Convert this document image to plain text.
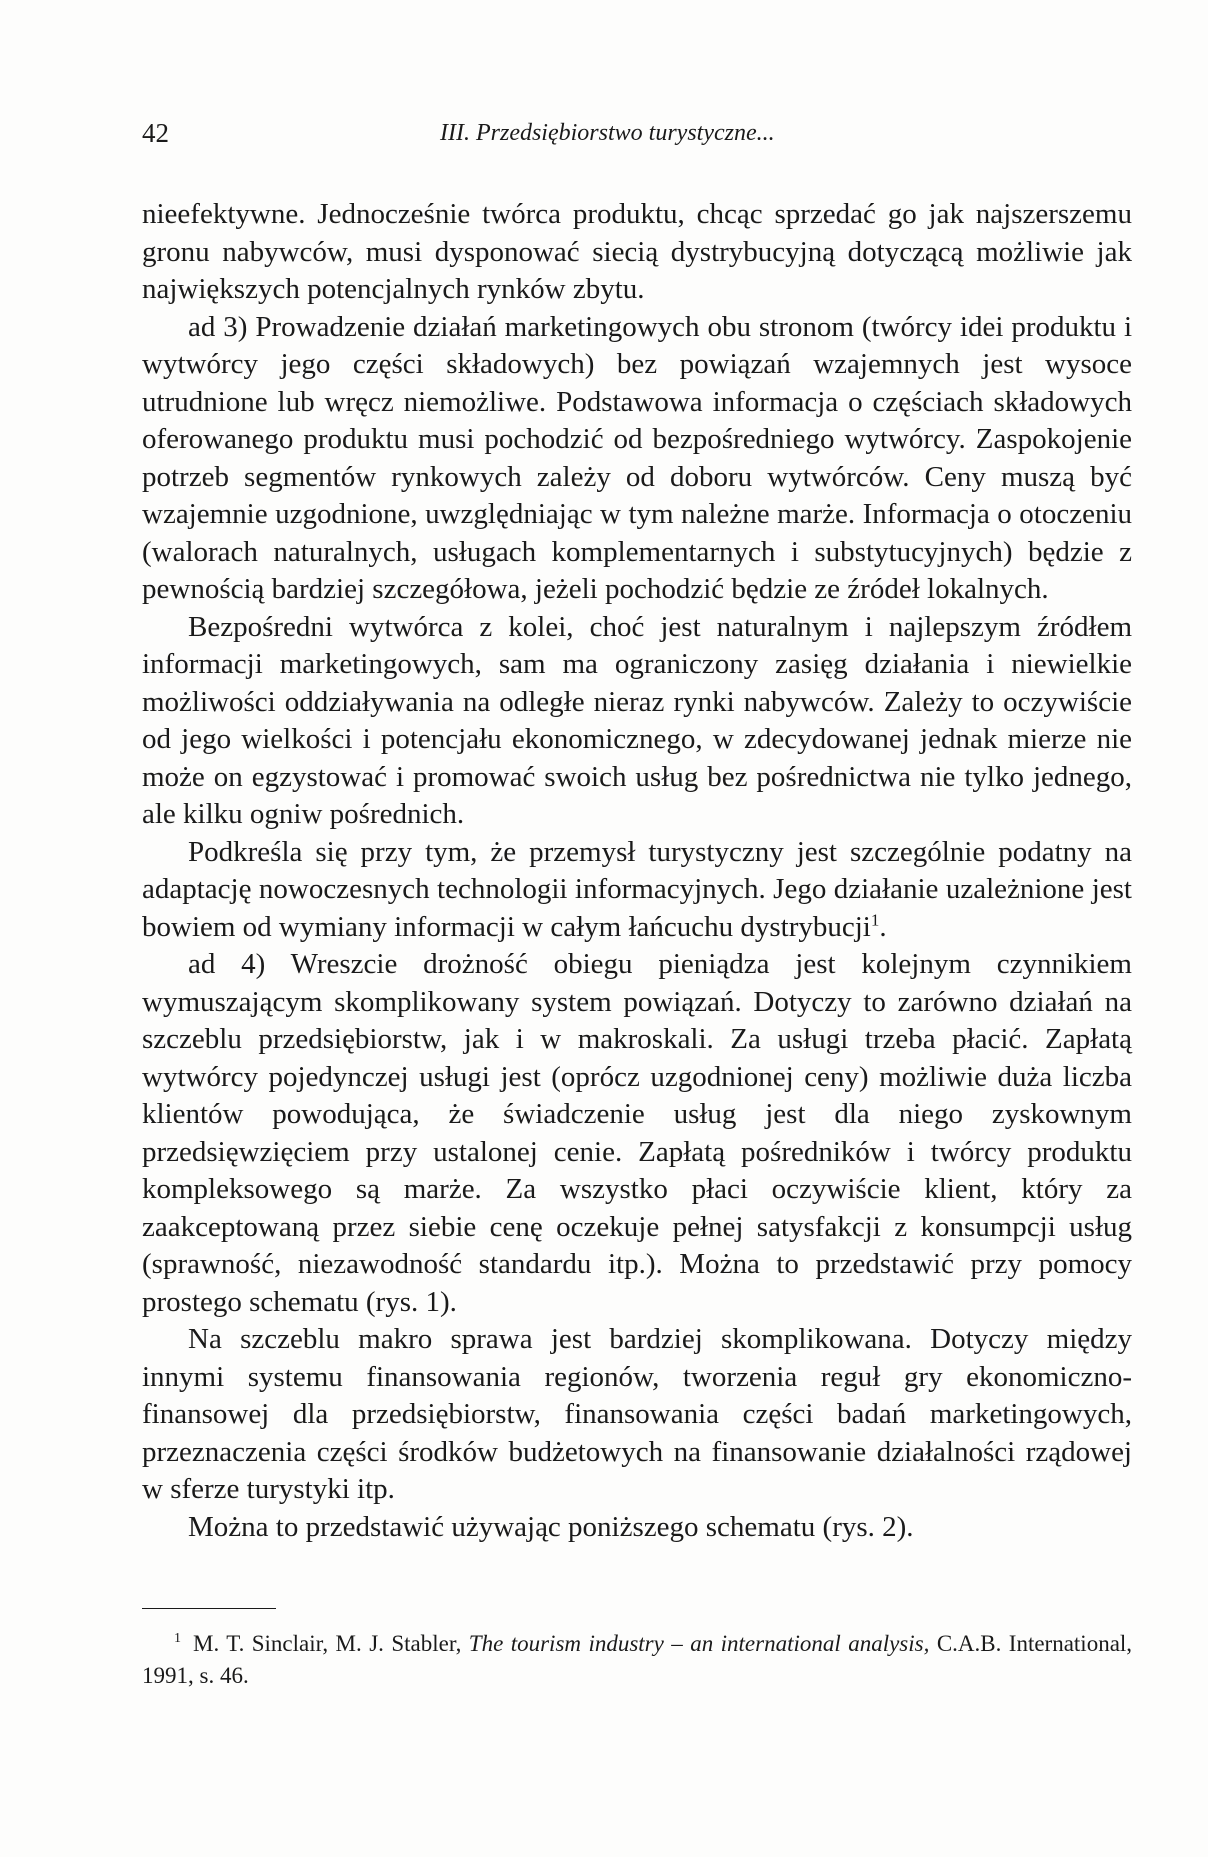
42	III. Przedsiębiorstwo turystyczne...

nieefektywne. Jednocześnie twórca produktu, chcąc sprzedać go jak najszerszemu gronu nabywców, musi dysponować siecią dystrybucyjną dotyczącą możliwie jak największych potencjalnych rynków zbytu.

ad 3) Prowadzenie działań marketingowych obu stronom (twórcy idei produktu i wytwórcy jego części składowych) bez powiązań wzajemnych jest wysoce utrudnione lub wręcz niemożliwe. Podstawowa informacja o częściach składowych oferowanego produktu musi pochodzić od bezpośredniego wytwórcy. Zaspokojenie potrzeb segmentów rynkowych zależy od doboru wytwórców. Ceny muszą być wzajemnie uzgodnione, uwzględniając w tym należne marże. Informacja o otoczeniu (walorach naturalnych, usługach komplementarnych i substytucyjnych) będzie z pewnością bardziej szczegółowa, jeżeli pochodzić będzie ze źródeł lokalnych.

Bezpośredni wytwórca z kolei, choć jest naturalnym i najlepszym źródłem informacji marketingowych, sam ma ograniczony zasięg działania i niewielkie możliwości oddziaływania na odległe nieraz rynki nabywców. Zależy to oczywiście od jego wielkości i potencjału ekonomicznego, w zdecydowanej jednak mierze nie może on egzystować i promować swoich usług bez pośrednictwa nie tylko jednego, ale kilku ogniw pośrednich.

Podkreśla się przy tym, że przemysł turystyczny jest szczególnie podatny na adaptację nowoczesnych technologii informacyjnych. Jego działanie uzależnione jest bowiem od wymiany informacji w całym łańcuchu dystrybucji$^1$.

ad 4) Wreszcie drożność obiegu pieniądza jest kolejnym czynnikiem wymuszającym skomplikowany system powiązań. Dotyczy to zarówno działań na szczeblu przedsiębiorstw, jak i w makroskali. Za usługi trzeba płacić. Zapłatą wytwórcy pojedynczej usługi jest (oprócz uzgodnionej ceny) możliwie duża liczba klientów powodująca, że świadczenie usług jest dla niego zyskownym przedsięwzięciem przy ustalonej cenie. Zapłatą pośredników i twórcy produktu kompleksowego są marże. Za wszystko płaci oczywiście klient, który za zaakceptowaną przez siebie cenę oczekuje pełnej satysfakcji z konsumpcji usług (sprawność, niezawodność standardu itp.). Można to przedstawić przy pomocy prostego schematu (rys. 1).

Na szczeblu makro sprawa jest bardziej skomplikowana. Dotyczy między innymi systemu finansowania regionów, tworzenia reguł gry ekonomiczno-finansowej dla przedsiębiorstw, finansowania części badań marketingowych, przeznaczenia części środków budżetowych na finansowanie działalności rządowej w sferze turystyki itp.

Można to przedstawić używając poniższego schematu (rys. 2).

1 M. T. Sinclair, M. J. Stabler, The tourism industry – an international analysis, C.A.B. International, 1991, s. 46.
